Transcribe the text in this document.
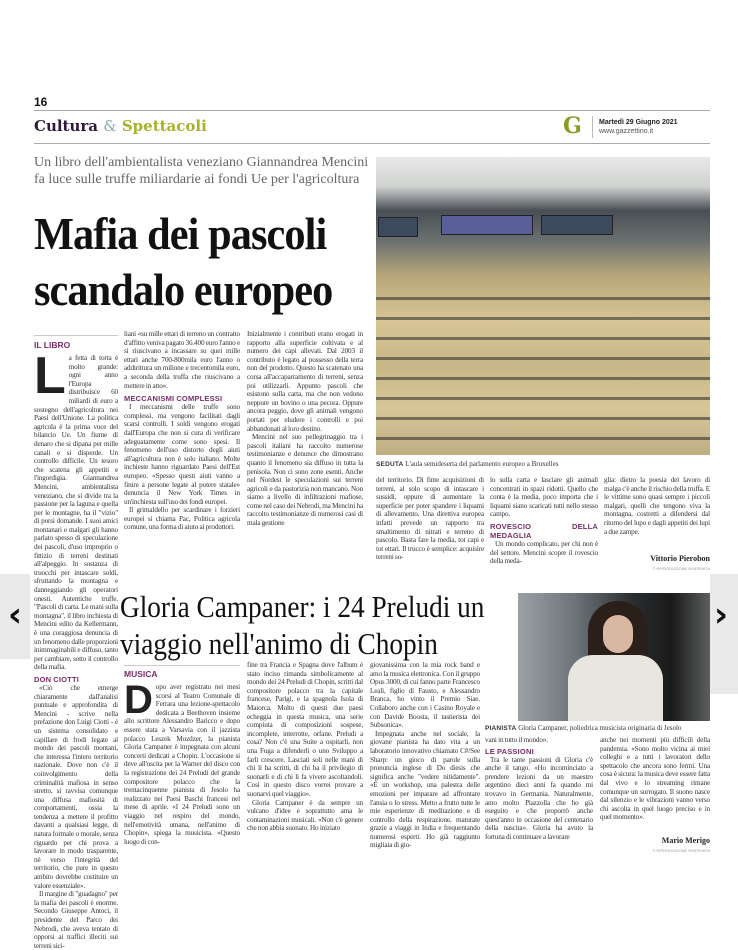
16
Cultura & Spettacoli	G Martedì 29 Giugno 2021
www.gazzettino.it
Un libro dell'ambientalista veneziano Giannandrea Mencini fa luce sulle truffe miliardarie ai fondi Ue per l'agricoltura
Mafia dei pascoli scandalo europeo
SEDUTA L'aula semideserta del parlamento europeo a Bruxelles
IL LIBRO
L a fetta di torta è molto grande: ogni anno l'Europa distribuisce 60 miliardi di euro a sostegno dell'agricoltura nei Paesi dell'Unione. La politica agricola è la prima voce del bilancio Ue. Un fiume di denaro che si dipana per mille canali e si disperde. Un controllo difficile. Un tesoro che scatena gli appetiti e l'ingordigia. Giannandrea Mencini, ambientalista veneziano, che si divide tra la passione per la laguna e quella per le montagne, ha il "vizio" di porsi domande. I suoi amici montanari e malgari gli hanno parlato spesso di speculazione dei pascoli, d'uso improprio o fittizio di terreni destinati all'alpeggio. In sostanza di truocchi per intascare soldi, sfruttando la montagna e danneggiando gli operatori onesti. Autentiche truffe. "Pascoli di carta. Le mani sulla montagna", il libro inchiesta di Mencini edito da Kellermann, è una coraggiosa denuncia di un fenomeno dalle proporzioni inimmaginabili e diffuso, tanto per cambiare, sotto il controllo della mafia.

DON CIOTTI

«Ciò che emerge chiaramente dall'analisi puntuale e approfondita di Mencini - scrive nella prefazione don Luigi Ciotti - è un sistema consolidato e capillare di frodi legate al mondo dei pascoli montani, che interessa l'intero territorio nazionale. Dove non c'è il coinvolgimento della criminalità mafiosa in senso stretto, si ravvisa comunque una diffusa mafiosità di comportamenti, ossia la tendenza a mettere il profitto davanti a qualsiasi legge, di natura formale o morale, senza riguardo per chi prova a lavorare in modo trasparente, né verso l'integrità del territorio, che pure in questo ambito dovrebbe costituire un valore essenziale».

Il margine di "guadagno" per la mafia dei pascoli è enorme. Secondo Giuseppe Antoci, il presidente del Parco dei Nebrodi, che aveva tentato di opporsi ai traffici illeciti sui terreni sici-

liani «su mille ettari di terreno un contratto d'affitto veniva pagato 36.400 euro l'anno e si riuscivano a incassare su quei mille ettari anche 700-800mila euro l'anno o addirittura un milione e trecentomila euro, a seconda della truffa che riuscivano a mettere in atto».

MECCANISMI COMPLESSI

I meccanismi delle truffe sono complessi, ma vengono facilitati dagli scarsi controlli. I soldi vengono erogati dall'Europa che non si cura di verificare adeguatamente come sono spesi. Il fenomeno dell'uso distorto degli aiuti all'agricoltura non è solo italiano. Molte inchieste hanno riguardato Paesi dell'Est europeo. «Spesso questi aiuti vanno a finire a persone legate al potere statale» denuncia il New York Times in un'inchiesta sull'uso dei fondi europei.

Il grimaldello per scardinare i forzieri europei si chiama Pac, Politica agricola comune, una forma di aiuto ai produttori.

Inizialmente i contributi erano erogati in rapporto alla superficie coltivata e al numero dei capi allevati. Dal 2003 il contributo è legato al possesso della terra non del prodotto. Questo ha scatenato una corsa all'accaparramento di terreni, senza poi utilizzarli. Appunto pascoli che esistono sulla carta, ma che non vedono neppure un bovino o una pecora. Oppure ancora peggio, dove gli animali vengono portati per eludere i controlli e poi abbandonati al loro destino.

Mencini nel suo pellegrinaggio tra i pascoli italiani ha raccolto numerose testimonianze e denunce che dimostrano quanto il fenomeno sia diffuso in tutta la penisola. Non ci sono zone esenti. Anche nel Nordest le speculazioni sui terreni agricoli e da pastorizia non mancano. Non siamo a livello di infiltrazioni mafiose, come nel caso dei Nebrodi, ma Mencini ha raccolto testimonianze di numerosi casi di mala gestione

del territorio. Di finte acquisizioni di terreni, al solo scopo di intascare i sussidi, oppure di aumentare la superficie per poter spandere i liquami di allevamento. Una direttiva europea infatti prevede un rapporto tra smaltimento di nitrati e terreno di pascolo. Basta fare la media, tot capi e tot ettari. Il trucco è semplice: acquisire terreni so-

lo sulla carta e lasciare gli animali concentrati in spazi ridotti. Quello che conta è la media, poco importa che i liquami siano scaricati tutti nello stesso campo.

ROVESCIO DELLA MEDAGLIA

Un mondo complicato, per chi non è del settore. Mencini scopre il rovescio della meda-

glia: dietro la poesia del lavoro di malga c'è anche il rischio della truffa. E le vittime sono quasi sempre i piccoli malgari, quelli che tengono viva la montagna, costretti a difendersi dal ritorno del lupo e dagli appetiti dei lupi a due zampe.

Vittorio Pierobon
© RIPRODUZIONE RISERVATA
Gloria Campaner: i 24 Preludi un viaggio nell'animo di Chopin
PIANISTA Gloria Campaner, poliedrica musicista originaria di Jesolo
MUSICA
D opo aver registrato nei mesi scorsi al Teatro Comunale di Ferrara una lezione-spettacolo dedicata a Beethoven insieme allo scrittore Alessandro Baricco e dopo essere stata a Varsavia con il jazzista polacco Leszek Mozdzer, la pianista Gloria Campaner è impegnata con alcuni concerti dedicati a Chopin. L'occasione si deve all'uscita per la Warner del disco con la registrazione dei 24 Preludi del grande compositore polacco che la trentacinquenne pianista di Jesolo ha realizzato nei Paesi Baschi francesi nel mese di aprile. «I 24 Preludi sono un viaggio nel respiro del mondo, nell'emotività umana, nell'animo di Chopin», spiega la musicista. «Questo luogo di con-

fine tra Francia e Spagna dove l'album è stato inciso rimanda simbolicamente al mondo dei 24 Preludi di Chopin, scritti dal compositore polacco tra la capitale francese, Parigi, e la spagnola Isola di Maiorca. Molto di questi due paesi echeggia in questa musica, una serie compiuta di composizioni sospese, incomplete, interrotte, orfane. Preludi a cosa? Non c'è una Suite a ospitarli, non una Fuga a difenderli o uno Sviluppo a farli crescere. Lasciati soli nelle mani di chi li ha scritti, di chi ha il privilegio di suonarli e di chi li fa vivere ascoltandoli. Così in questo disco vorrei provare a suonarvi quel viaggio».

Gloria Campaner è da sempre un vulcano d'idee e soprattutto ama le contaminazioni musicali. «Non c'è genere che non abbia suonato. Ho iniziato

giovanissima con la mia rock band e amo la musica elettronica. Con il gruppo Opus 3000, di cui fanno parte Francesco Leali, figlio di Fausto, e Alessandro Branca, ho vinto il Premio Siae. Collaboro anche con i Casino Royale e con Davide Boosta, il tastierista dei Subsonica».

Impegnata anche nel sociale, la giovane pianista ha dato vita a un laboratorio innovativo chiamato C#/See Sharp: un gioco di parole sulla pronuncia inglese di Do diesis che significa anche "vedere nitidamente". «È un workshop, una palestra delle emozioni per imparare ad affrontare l'ansia o lo stress. Metto a frutto tutte le mie esperienze di meditazione e di controllo della respirazione, maturate grazie a viaggi in India e frequentando numerosi esperti. Ho già raggiunto migliaia di gio-

vani in tutto il mondo».

LE PASSIONI

Tra le tante passioni di Gloria c'è anche il tango. «Ho incominciato a prendere lezioni da un maestro argentino dieci anni fa quando mi trovavo in Germania. Naturalmente, amo molto Piazzolla che ho già eseguito e che proporrò anche quest'anno in occasione del centenario della nascita». Gloria ha avuto la fortuna di continuare a lavorare

anche nei momenti più difficili della pandemia. «Sono molto vicina ai miei colleghi e a tutti i lavoratori dello spettacolo che ancora sono fermi. Una cosa è sicura: la musica deve essere fatta dal vivo e lo streaming rimane comunque un surrogato. Il suono nasce dal silenzio e le vibrazioni vanno verso chi ascolta in quel luogo preciso e in quel momento».

Mario Merigo
© RIPRODUZIONE RISERVATA
‹	›
